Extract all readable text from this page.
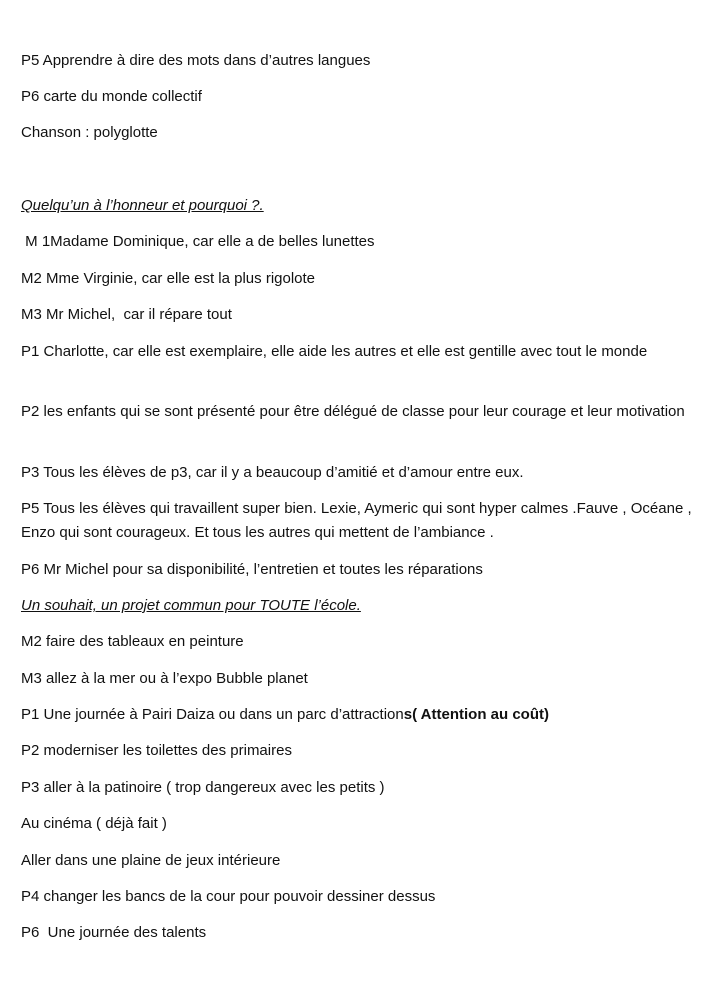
P5 Apprendre à dire des mots dans d’autres langues
P6 carte du monde collectif
Chanson : polyglotte
Quelqu’un à l’honneur et pourquoi ?.
M 1Madame Dominique, car elle a de belles lunettes
M2 Mme Virginie, car elle est la plus rigolote
M3 Mr Michel,  car il répare tout
P1 Charlotte, car elle est exemplaire, elle aide les autres et elle est gentille avec tout le monde
P2 les enfants qui se sont présenté pour être délégué de classe pour leur courage et leur motivation
P3 Tous les élèves de p3, car il y a beaucoup d’amitié et d’amour entre eux.
P5 Tous les élèves qui travaillent super bien. Lexie, Aymeric qui sont hyper calmes .Fauve , Océane , Enzo qui sont courageux. Et tous les autres qui mettent de l’ambiance .
P6 Mr Michel pour sa disponibilité, l’entretien et toutes les réparations
Un souhait, un projet commun pour TOUTE l’école.
M2 faire des tableaux en peinture
M3 allez à la mer ou à l’expo Bubble planet
P1 Une journée à Pairi Daiza ou dans un parc d’attractions( Attention au coût)
P2 moderniser les toilettes des primaires
P3 aller à la patinoire ( trop dangereux avec les petits )
Au cinéma ( déjà fait )
Aller dans une plaine de jeux intérieure
P4 changer les bancs de la cour pour pouvoir dessiner dessus
P6  Une journée des talents
